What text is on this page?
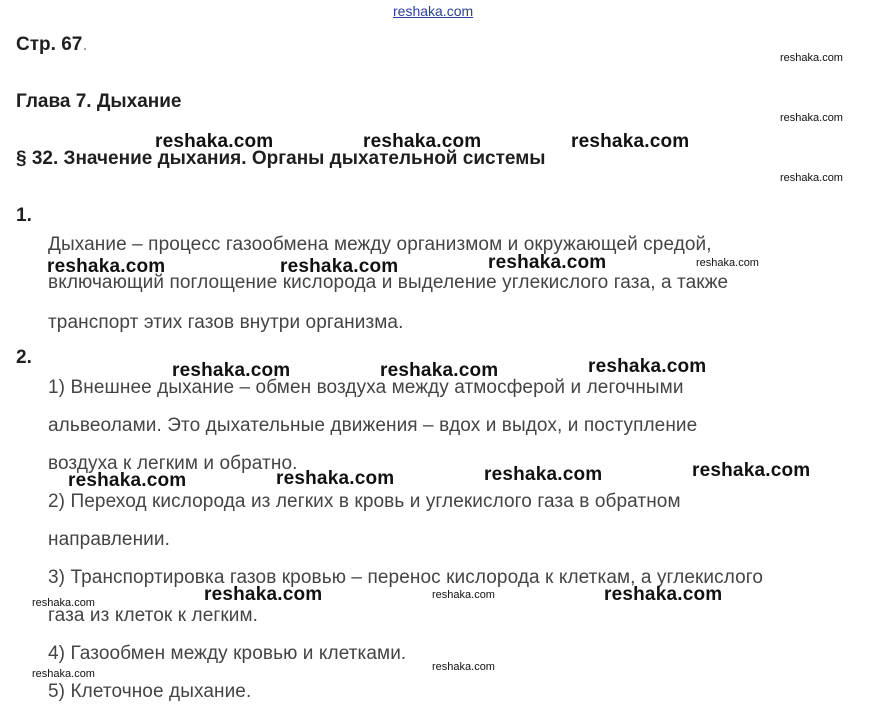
reshaka.com
Стр. 67.
Глава 7. Дыхание
§ 32. Значение дыхания. Органы дыхательной системы
1.
Дыхание – процесс газообмена между организмом и окружающей средой,
включающий поглощение кислорода и выделение углекислого газа, а также
транспорт этих газов внутри организма.
2.
1) Внешнее дыхание – обмен воздуха между атмосферой и легочными
альвеолами. Это дыхательные движения – вдох и выдох, и поступление
воздуха к легким и обратно.
2) Переход кислорода из легких в кровь и углекислого газа в обратном
направлении.
3) Транспортировка газов кровью – перенос кислорода к клеткам, а углекислого
газа из клеток к легким.
4) Газообмен между кровью и клетками.
5) Клеточное дыхание.
reshaka.com
reshaka.com
reshaka.com
reshaka.com
reshaka.com
reshaka.com
reshaka.com
reshaka.com
reshaka.com	reshaka.com	reshaka.com
reshaka.com	reshaka.com	reshaka.com
reshaka.com	reshaka.com	reshaka.com
reshaka.com	reshaka.com	reshaka.com	reshaka.com
reshaka.com	reshaka.com
